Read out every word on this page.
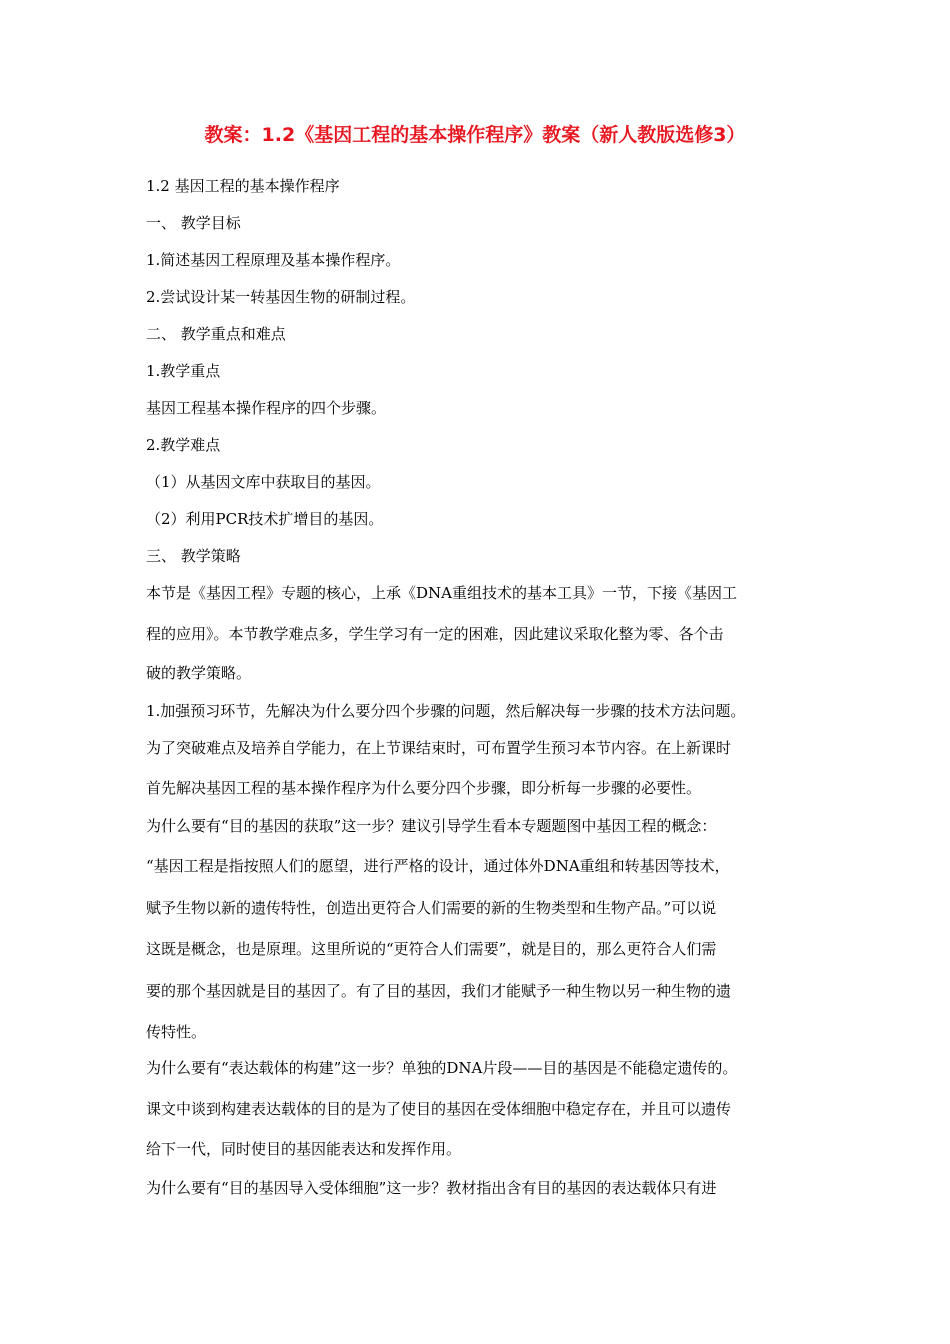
教案：1.2《基因工程的基本操作程序》教案（新人教版选修3）
1.2 基因工程的基本操作程序
一、 教学目标
1.简述基因工程原理及基本操作程序。
2.尝试设计某一转基因生物的研制过程。
二、 教学重点和难点
1.教学重点
基因工程基本操作程序的四个步骤。
2.教学难点
（1）从基因文库中获取目的基因。
（2）利用PCR技术扩增目的基因。
三、 教学策略
本节是《基因工程》专题的核心，上承《DNA重组技术的基本工具》一节，下接《基因工
程的应用》。本节教学难点多，学生学习有一定的困难，因此建议采取化整为零、各个击
破的教学策略。
1.加强预习环节，先解决为什么要分四个步骤的问题，然后解决每一步骤的技术方法问题。
为了突破难点及培养自学能力，在上节课结束时，可布置学生预习本节内容。在上新课时
首先解决基因工程的基本操作程序为什么要分四个步骤，即分析每一步骤的必要性。
为什么要有“目的基因的获取”这一步？建议引导学生看本专题题图中基因工程的概念：
“基因工程是指按照人们的愿望，进行严格的设计，通过体外DNA重组和转基因等技术，
赋予生物以新的遗传特性，创造出更符合人们需要的新的生物类型和生物产品。”可以说
这既是概念，也是原理。这里所说的“更符合人们需要”，就是目的，那么更符合人们需
要的那个基因就是目的基因了。有了目的基因，我们才能赋予一种生物以另一种生物的遗
传特性。
为什么要有“表达载体的构建”这一步？单独的DNA片段——目的基因是不能稳定遗传的。
课文中谈到构建表达载体的目的是为了使目的基因在受体细胞中稳定存在，并且可以遗传
给下一代，同时使目的基因能表达和发挥作用。
为什么要有“目的基因导入受体细胞”这一步？教材指出含有目的基因的表达载体只有进
